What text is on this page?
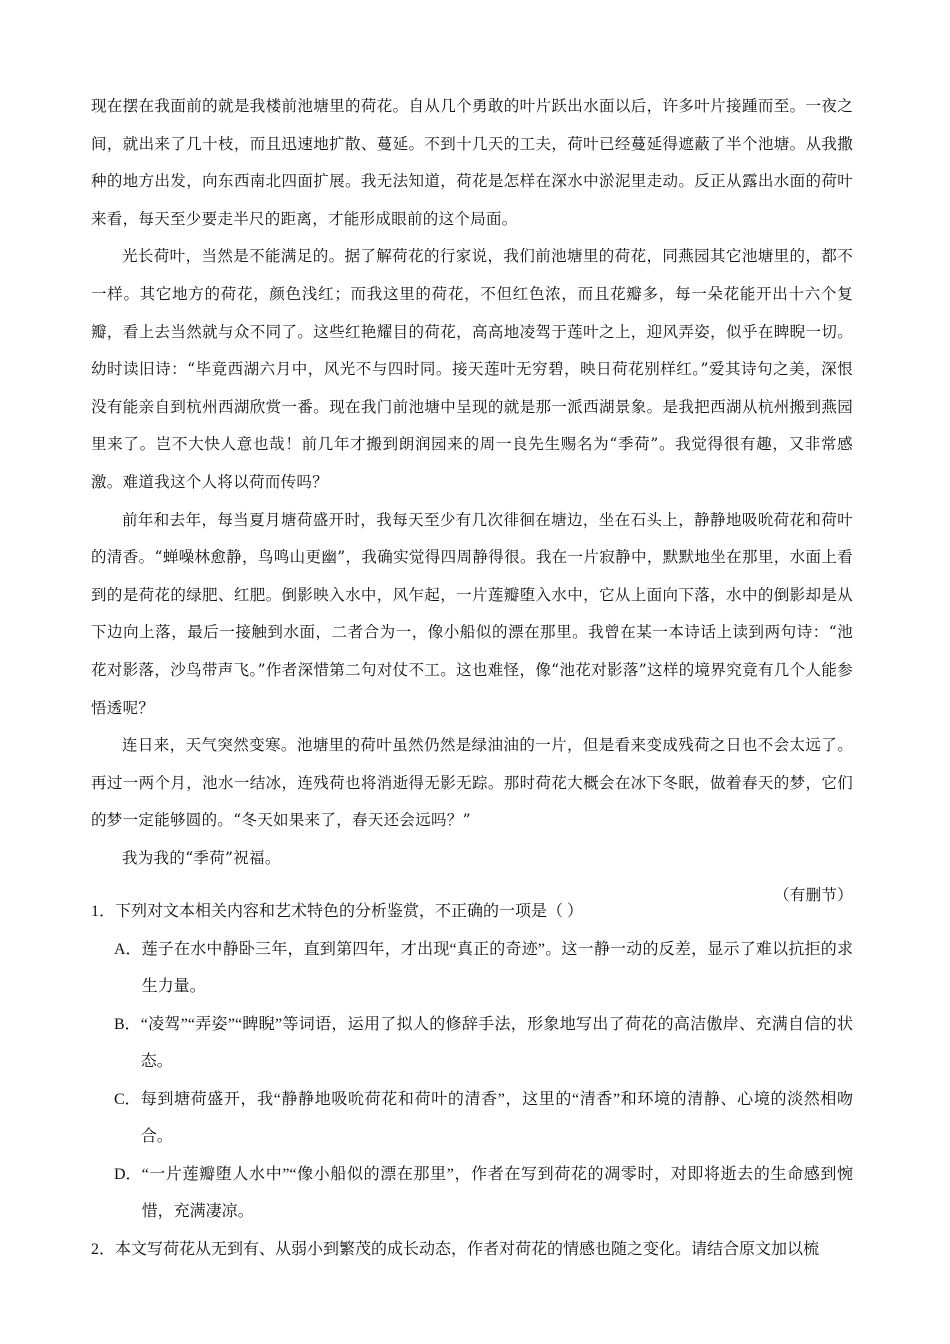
现在摆在我面前的就是我楼前池塘里的荷花。自从几个勇敢的叶片跃出水面以后，许多叶片接踵而至。一夜之间，就出来了几十枝，而且迅速地扩散、蔓延。不到十几天的工夫，荷叶已经蔓延得遮蔽了半个池塘。从我撒种的地方出发，向东西南北四面扩展。我无法知道，荷花是怎样在深水中淤泥里走动。反正从露出水面的荷叶来看，每天至少要走半尺的距离，才能形成眼前的这个局面。

光长荷叶，当然是不能满足的。据了解荷花的行家说，我们前池塘里的荷花，同燕园其它池塘里的，都不一样。其它地方的荷花，颜色浅红；而我这里的荷花，不但红色浓，而且花瓣多，每一朵花能开出十六个复瓣，看上去当然就与众不同了。这些红艳耀目的荷花，高高地凌驾于莲叶之上，迎风弄姿，似乎在睥睨一切。幼时读旧诗：“毕竟西湖六月中，风光不与四时同。接天莲叶无穷碧，映日荷花别样红。”爱其诗句之美，深恨没有能亲自到杭州西湖欣赏一番。现在我门前池塘中呈现的就是那一派西湖景象。是我把西湖从杭州搬到燕园里来了。岂不大快人意也哉！前几年才搬到朗润园来的周一良先生赐名为“季荷”。我觉得很有趣，又非常感激。难道我这个人将以荷而传吗？

前年和去年，每当夏月塘荷盛开时，我每天至少有几次徘徊在塘边，坐在石头上，静静地吸吮荷花和荷叶的清香。“蝉噪林愈静，鸟鸣山更幽”，我确实觉得四周静得很。我在一片寂静中，默默地坐在那里，水面上看到的是荷花的绿肥、红肥。倒影映入水中，风乍起，一片莲瓣堕入水中，它从上面向下落，水中的倒影却是从下边向上落，最后一接触到水面，二者合为一，像小船似的漂在那里。我曾在某一本诗话上读到两句诗：“池花对影落，沙鸟带声飞。”作者深惜第二句对仗不工。这也难怪，像“池花对影落”这样的境界究竟有几个人能参悟透呢？

连日来，天气突然变寒。池塘里的荷叶虽然仍然是绿油油的一片，但是看来变成残荷之日也不会太远了。再过一两个月，池水一结冰，连残荷也将消逝得无影无踪。那时荷花大概会在冰下冬眠，做着春天的梦，它们的梦一定能够圆的。“冬天如果来了，春天还会远吗？”

我为我的“季荷”祝福。

（有删节）

1． 下列对文本相关内容和艺术特色的分析鉴赏，不正确的一项是（ ）
A． 莲子在水中静卧三年，直到第四年，才出现“真正的奇迹”。这一静一动的反差，显示了难以抗拒的求生力量。
B． “凌驾”“弄姿”“睥睨”等词语，运用了拟人的修辞手法，形象地写出了荷花的高洁傲岸、充满自信的状态。
C． 每到塘荷盛开，我“静静地吸吮荷花和荷叶的清香”，这里的“清香”和环境的清静、心境的淡然相吻合。
D． “一片莲瓣堕人水中”“像小船似的漂在那里”，作者在写到荷花的凋零时，对即将逝去的生命感到惋惜，充满凄凉。
2． 本文写荷花从无到有、从弱小到繁茂的成长动态，作者对荷花的情感也随之变化。请结合原文加以梳
